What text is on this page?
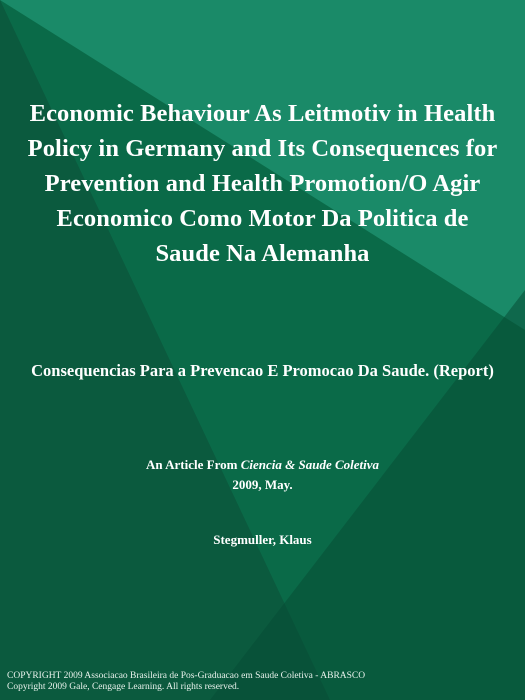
Economic Behaviour As Leitmotiv in Health Policy in Germany and Its Consequences for Prevention and Health Promotion/O Agir Economico Como Motor Da Politica de Saude Na Alemanha

Consequencias Para a Prevencao E Promocao Da Saude. (Report)

An Article From Ciencia & Saude Coletiva
2009, May.

Stegmuller, Klaus

COPYRIGHT 2009 Associacao Brasileira de Pos-Graduacao em Saude Coletiva - ABRASCO
Copyright 2009 Gale, Cengage Learning. All rights reserved.
